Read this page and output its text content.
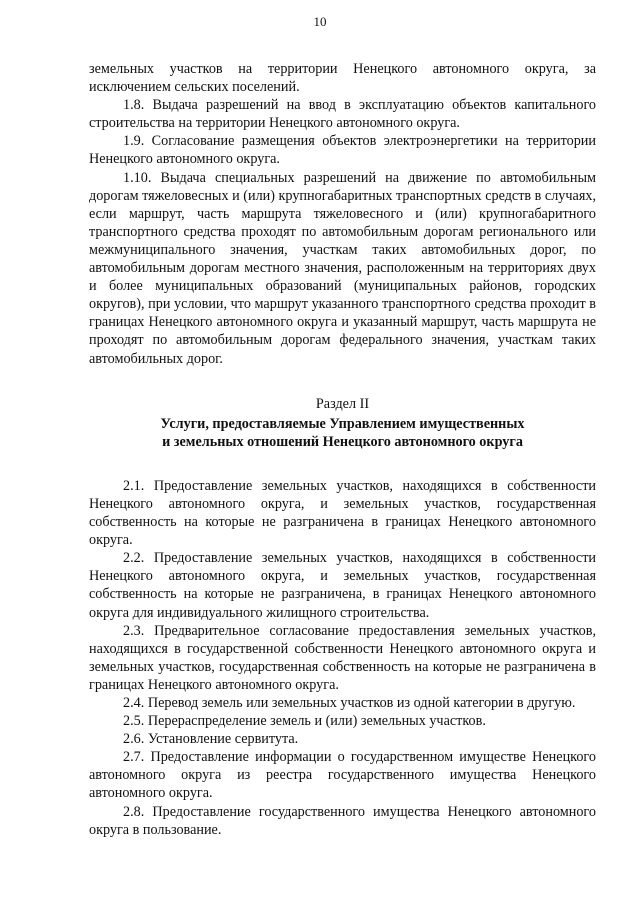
10

земельных участков на территории Ненецкого автономного округа, за исключением сельских поселений.

1.8. Выдача разрешений на ввод в эксплуатацию объектов капитального строительства на территории Ненецкого автономного округа.

1.9. Согласование размещения объектов электроэнергетики на территории Ненецкого автономного округа.

1.10. Выдача специальных разрешений на движение по автомобильным дорогам тяжеловесных и (или) крупногабаритных транспортных средств в случаях, если маршрут, часть маршрута тяжеловесного и (или) крупногабаритного транспортного средства проходят по автомобильным дорогам регионального или межмуниципального значения, участкам таких автомобильных дорог, по автомобильным дорогам местного значения, расположенным на территориях двух и более муниципальных образований (муниципальных районов, городских округов), при условии, что маршрут указанного транспортного средства проходит в границах Ненецкого автономного округа и указанный маршрут, часть маршрута не проходят по автомобильным дорогам федерального значения, участкам таких автомобильных дорог.

Раздел II

Услуги, предоставляемые Управлением имущественных
и земельных отношений Ненецкого автономного округа

2.1. Предоставление земельных участков, находящихся в собственности Ненецкого автономного округа, и земельных участков, государственная собственность на которые не разграничена в границах Ненецкого автономного округа.

2.2. Предоставление земельных участков, находящихся в собственности Ненецкого автономного округа, и земельных участков, государственная собственность на которые не разграничена, в границах Ненецкого автономного округа для индивидуального жилищного строительства.

2.3. Предварительное согласование предоставления земельных участков, находящихся в государственной собственности Ненецкого автономного округа и земельных участков, государственная собственность на которые не разграничена в границах Ненецкого автономного округа.

2.4. Перевод земель или земельных участков из одной категории в другую.

2.5. Перераспределение земель и (или) земельных участков.

2.6. Установление сервитута.

2.7. Предоставление информации о государственном имуществе Ненецкого автономного округа из реестра государственного имущества Ненецкого автономного округа.

2.8. Предоставление государственного имущества Ненецкого автономного округа в пользование.
